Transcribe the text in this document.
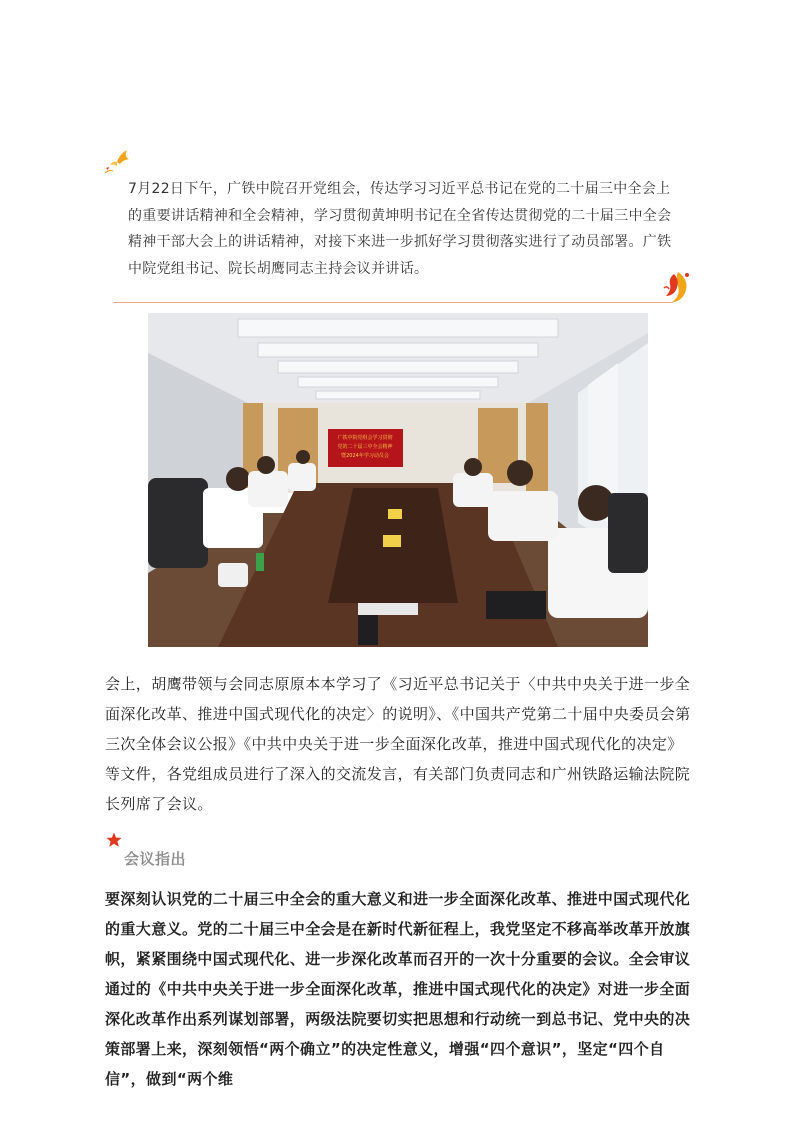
7月22日下午，广铁中院召开党组会，传达学习习近平总书记在党的二十届三中全会上的重要讲话精神和全会精神，学习贯彻黄坤明书记在全省传达贯彻党的二十届三中全会精神干部大会上的讲话精神，对接下来进一步抓好学习贯彻落实进行了动员部署。广铁中院党组书记、院长胡鹰同志主持会议并讲话。
广铁中院党组会学习贯彻
党的二十届三中全会精神
暨2024年学习动员会
会上，胡鹰带领与会同志原原本本学习了《习近平总书记关于〈中共中央关于进一步全面深化改革、推进中国式现代化的决定〉的说明》、《中国共产党第二十届中央委员会第三次全体会议公报》《中共中央关于进一步全面深化改革，推进中国式现代化的决定》等文件，各党组成员进行了深入的交流发言，有关部门负责同志和广州铁路运输法院院长列席了会议。
会议指出
要深刻认识党的二十届三中全会的重大意义和进一步全面深化改革、推进中国式现代化的重大意义。党的二十届三中全会是在新时代新征程上，我党坚定不移高举改革开放旗帜，紧紧围绕中国式现代化、进一步深化改革而召开的一次十分重要的会议。全会审议通过的《中共中央关于进一步全面深化改革，推进中国式现代化的决定》对进一步全面深化改革作出系列谋划部署，两级法院要切实把思想和行动统一到总书记、党中央的决策部署上来，深刻领悟“两个确立”的决定性意义，增强“四个意识”，坚定“四个自信”，做到“两个维
